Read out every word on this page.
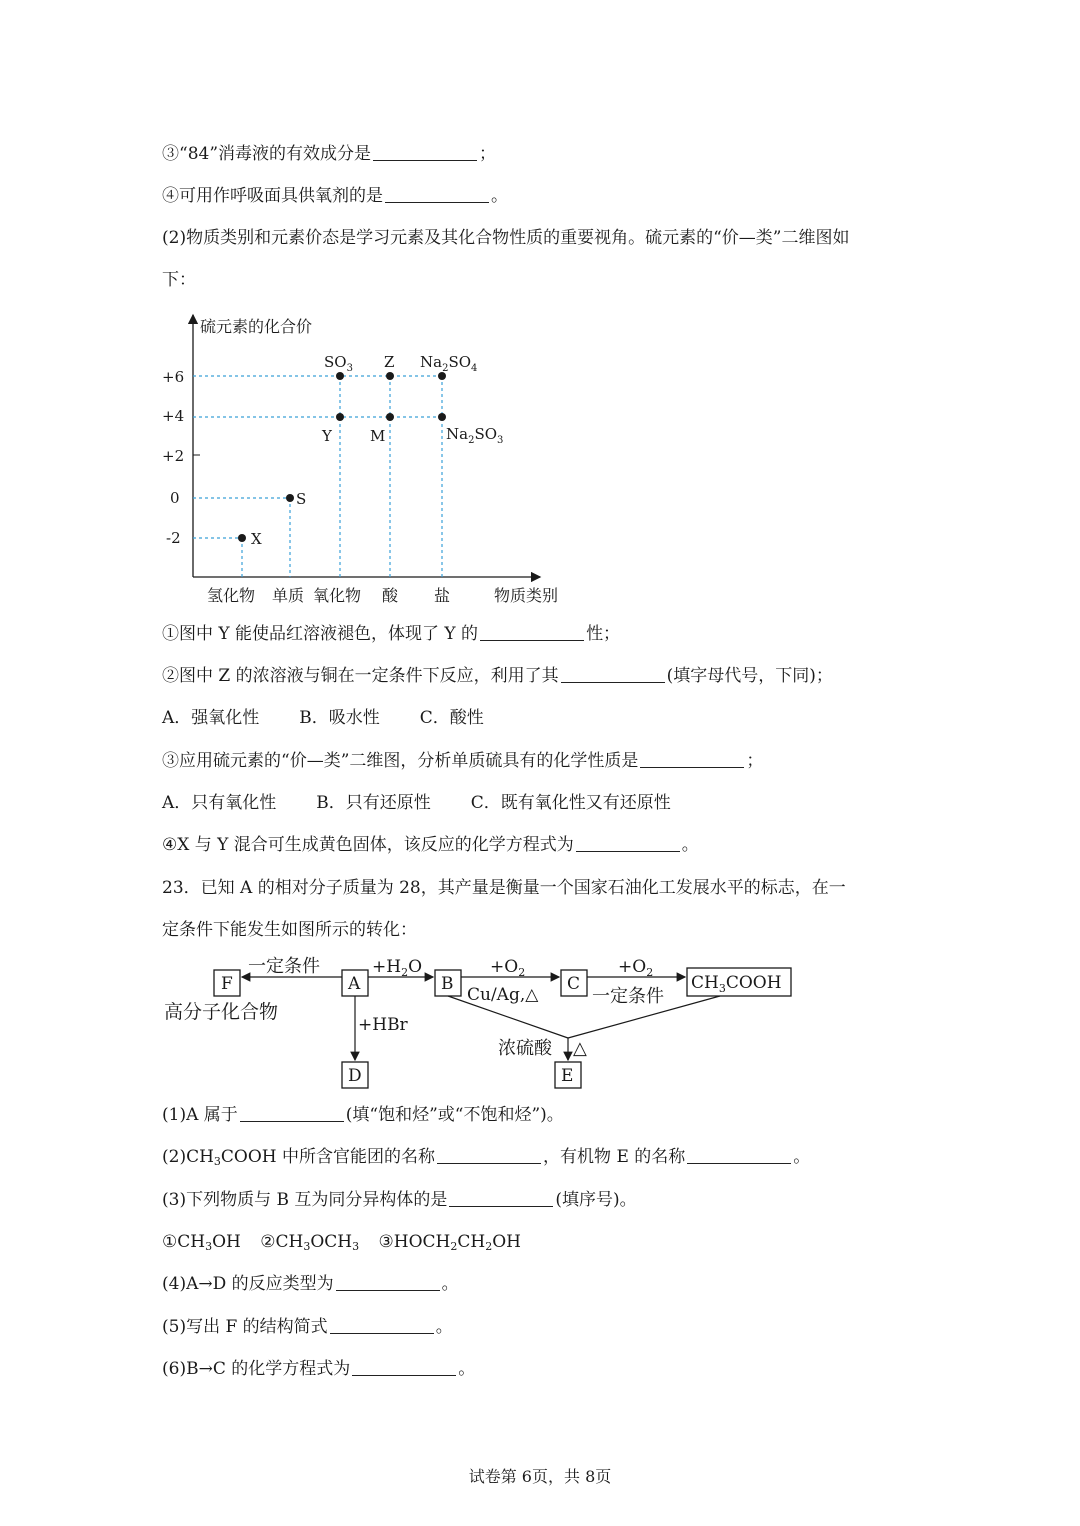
③“84”消毒液的有效成分是	；
④可用作呼吸面具供氧剂的是	。
(2)物质类别和元素价态是学习元素及其化合物性质的重要视角。硫元素的“价—类”二维图如
下：
硫元素的化合价
物质类别
+6
+4
+2
0
-2
氢化物 单质 氧化物 酸 盐
$SO_3$ Z $Na_2SO_4$
Y	M	$Na_2SO_3$
S
X
①图中 Y 能使品红溶液褪色，体现了 Y 的	性；
②图中 Z 的浓溶液与铜在一定条件下反应，利用了其	(填字母代号，下同)；
A．强氧化性 B．吸水性 C．酸性
③应用硫元素的“价—类”二维图，分析单质硫具有的化学性质是	；
A．只有氧化性 B．只有还原性 C．既有氧化性又有还原性
④X 与 Y 混合可生成黄色固体，该反应的化学方程式为	。
23．已知 A 的相对分子质量为 28，其产量是衡量一个国家石油化工发展水平的标志，在一
定条件下能发生如图所示的转化：
F	A	B	C	$CH_3COOH$
D	E
一定条件	$+H_2O$	$+O_2$
Cu/Ag,△
$+O_2$
一定条件
+HBr
浓硫酸 △
高分子化合物
(1)A 属于	(填“饱和烃”或“不饱和烃”)。
$(2)CH_3COOH$ 中所含官能团的名称	，有机物 E 的名称	。
(3)下列物质与 B 互为同分异构体的是	(填序号)。
$①CH_3OH$ $②CH_3OCH_3$ $③HOCH_2CH_2OH$
(4)A→D 的反应类型为	。
(5)写出 F 的结构简式	。
(6)B→C 的化学方程式为	。
试卷第 6页，共 8页
